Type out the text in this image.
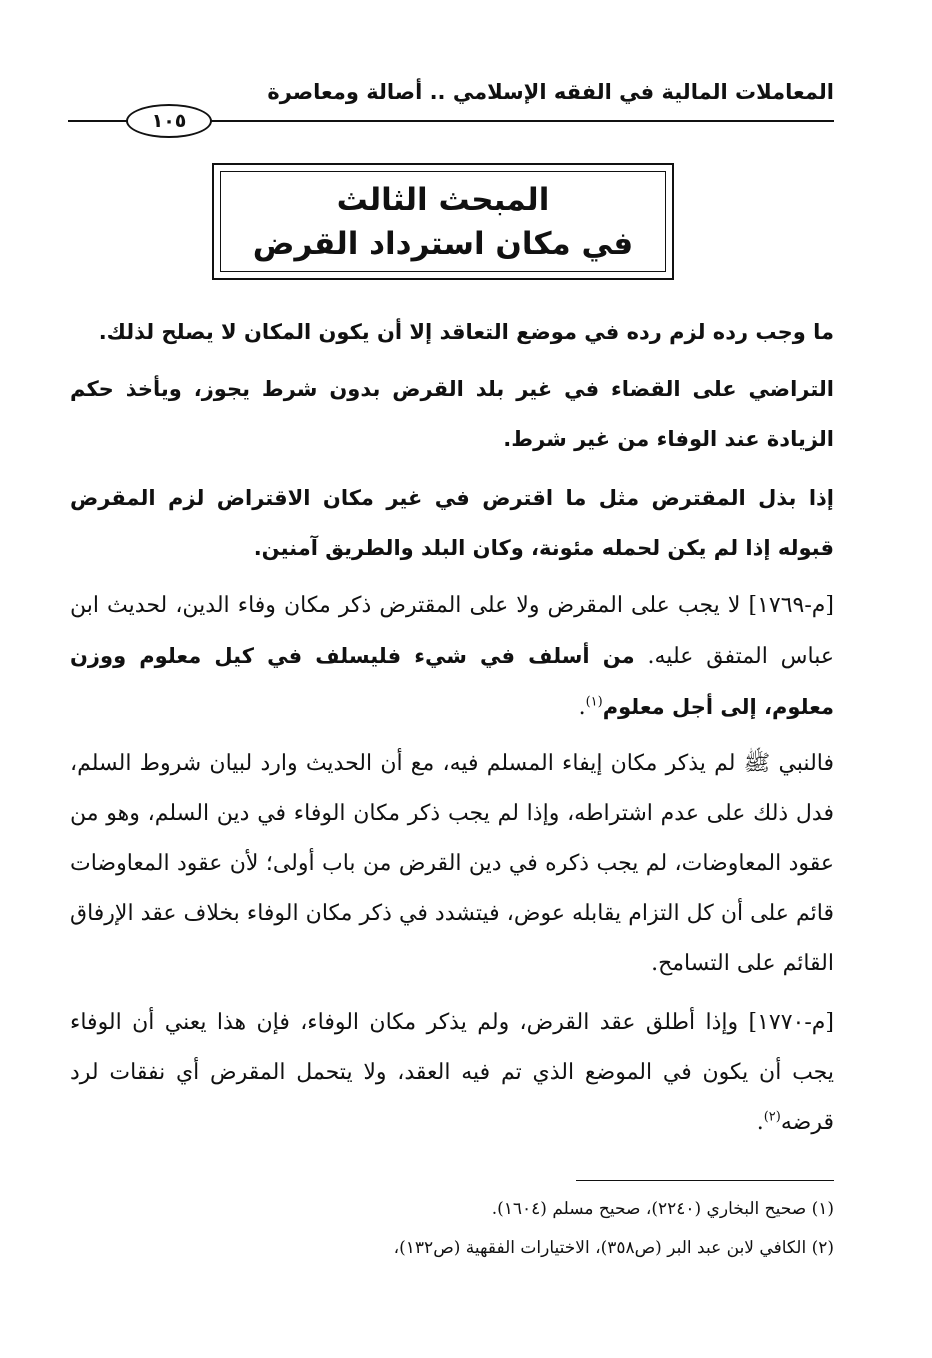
المعاملات المالية في الفقه الإسلامي .. أصالة ومعاصرة
١٠٥
المبحث الثالث
في مكان استرداد القرض

ما وجب رده لزم رده في موضع التعاقد إلا أن يكون المكان لا يصلح لذلك.

التراضي على القضاء في غير بلد القرض بدون شرط يجوز، ويأخذ حكم الزيادة عند الوفاء من غير شرط.

إذا بذل المقترض مثل ما اقترض في غير مكان الاقتراض لزم المقرض قبوله إذا لم يكن لحمله مئونة، وكان البلد والطريق آمنين.

[م-١٧٦٩] لا يجب على المقرض ولا على المقترض ذكر مكان وفاء الدين، لحديث ابن عباس المتفق عليه. من أسلف في شيء فليسلف في كيل معلوم ووزن معلوم، إلى أجل معلوم$^{(١)}$.

فالنبي ﷺ لم يذكر مكان إيفاء المسلم فيه، مع أن الحديث وارد لبيان شروط السلم، فدل ذلك على عدم اشتراطه، وإذا لم يجب ذكر مكان الوفاء في دين السلم، وهو من عقود المعاوضات، لم يجب ذكره في دين القرض من باب أولى؛ لأن عقود المعاوضات قائم على أن كل التزام يقابله عوض، فيتشدد في ذكر مكان الوفاء بخلاف عقد الإرفاق القائم على التسامح.

[م-١٧٧٠] وإذا أطلق عقد القرض، ولم يذكر مكان الوفاء، فإن هذا يعني أن الوفاء يجب أن يكون في الموضع الذي تم فيه العقد، ولا يتحمل المقرض أي نفقات لرد قرضه$^{(٢)}$.

(١) صحيح البخاري (٢٢٤٠)، صحيح مسلم (١٦٠٤).
(٢) الكافي لابن عبد البر (ص٣٥٨)، الاختيارات الفقهية (ص١٣٢)،
